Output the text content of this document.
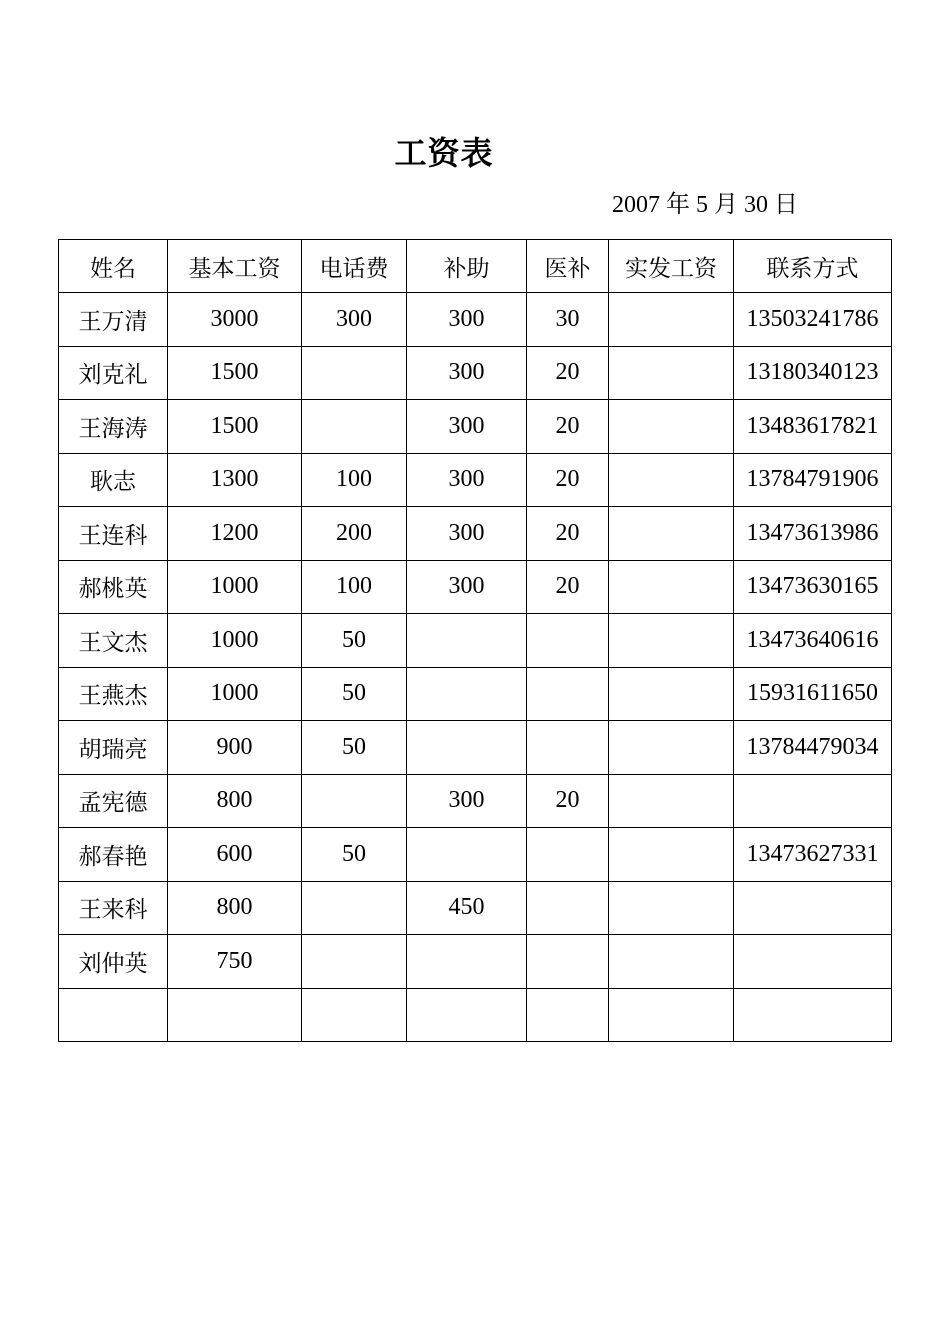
工资表
2007 年 5 月 30 日
姓名	基本工资	电话费	补助	医补	实发工资	联系方式
王万清	3000	300	300	30		13503241786
刘克礼	1500		300	20		13180340123
王海涛	1500		300	20		13483617821
耿志	1300	100	300	20		13784791906
王连科	1200	200	300	20		13473613986
郝桃英	1000	100	300	20		13473630165
王文杰	1000	50				13473640616
王燕杰	1000	50				15931611650
胡瑞亮	900	50				13784479034
孟宪德	800		300	20		
郝春艳	600	50				13473627331
王来科	800		450			
刘仲英	750					
